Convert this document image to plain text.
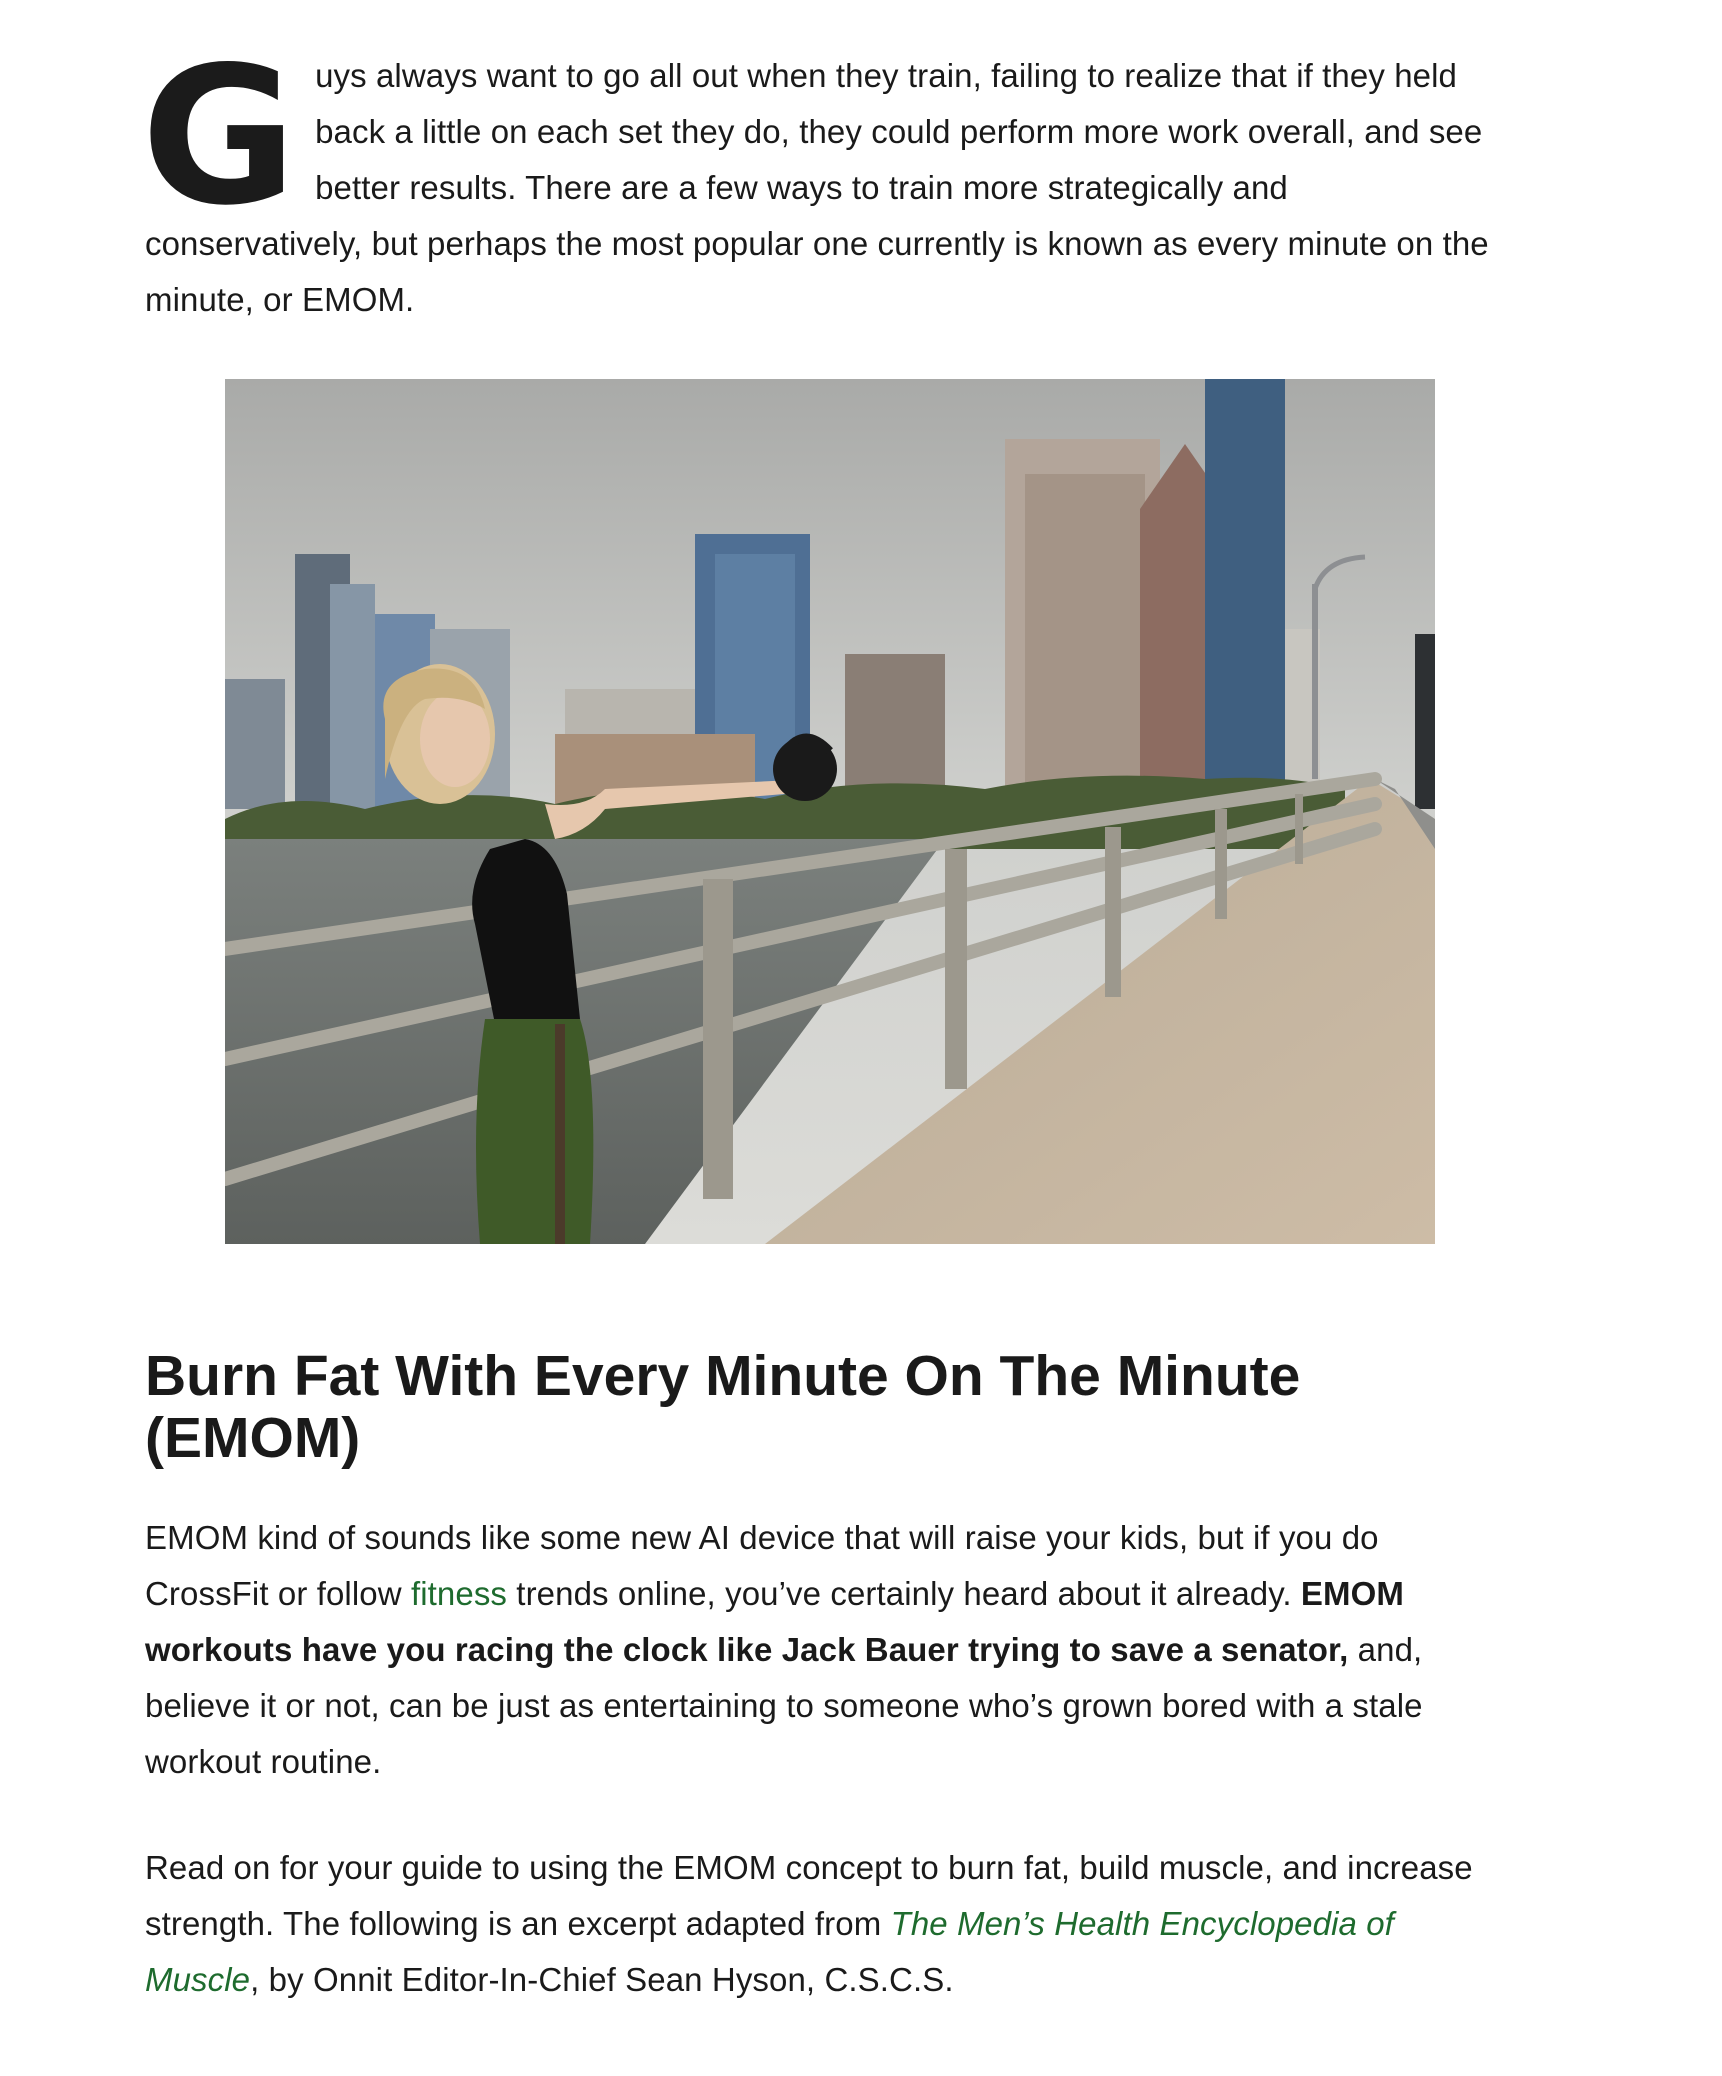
Guys always want to go all out when they train, failing to realize that if they held back a little on each set they do, they could perform more work overall, and see better results. There are a few ways to train more strategically and conservatively, but perhaps the most popular one currently is known as every minute on the minute, or EMOM.

Burn Fat With Every Minute On The Minute (EMOM)

EMOM kind of sounds like some new AI device that will raise your kids, but if you do CrossFit or follow fitness trends online, you’ve certainly heard about it already. EMOM workouts have you racing the clock like Jack Bauer trying to save a senator, and, believe it or not, can be just as entertaining to someone who’s grown bored with a stale workout routine.

Read on for your guide to using the EMOM concept to burn fat, build muscle, and increase strength. The following is an excerpt adapted from The Men’s Health Encyclopedia of Muscle, by Onnit Editor-In-Chief Sean Hyson, C.S.C.S.
